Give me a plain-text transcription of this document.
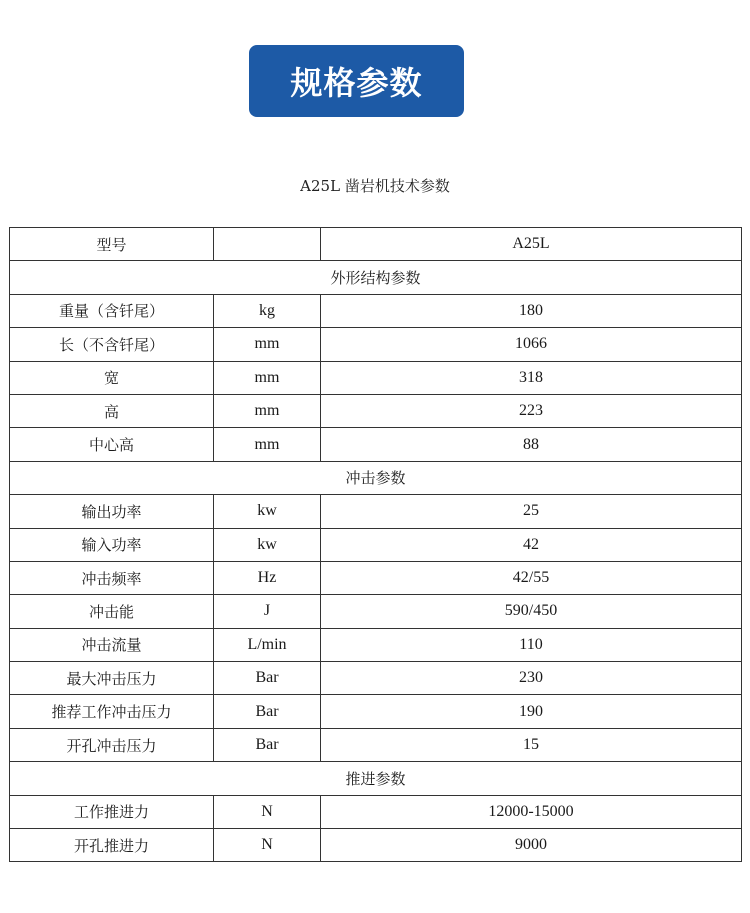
规格参数
A25L 凿岩机技术参数
型号		A25L
外形结构参数		
重量（含钎尾）	kg	180
长（不含钎尾）	mm	1066
宽	mm	318
高	mm	223
中心高	mm	88
冲击参数		
输出功率	kw	25
输入功率	kw	42
冲击频率	Hz	42/55
冲击能	J	590/450
冲击流量	L/min	110
最大冲击压力	Bar	230
推荐工作冲击压力	Bar	190
开孔冲击压力	Bar	15
推进参数		
工作推进力	N	12000-15000
开孔推进力	N	9000
